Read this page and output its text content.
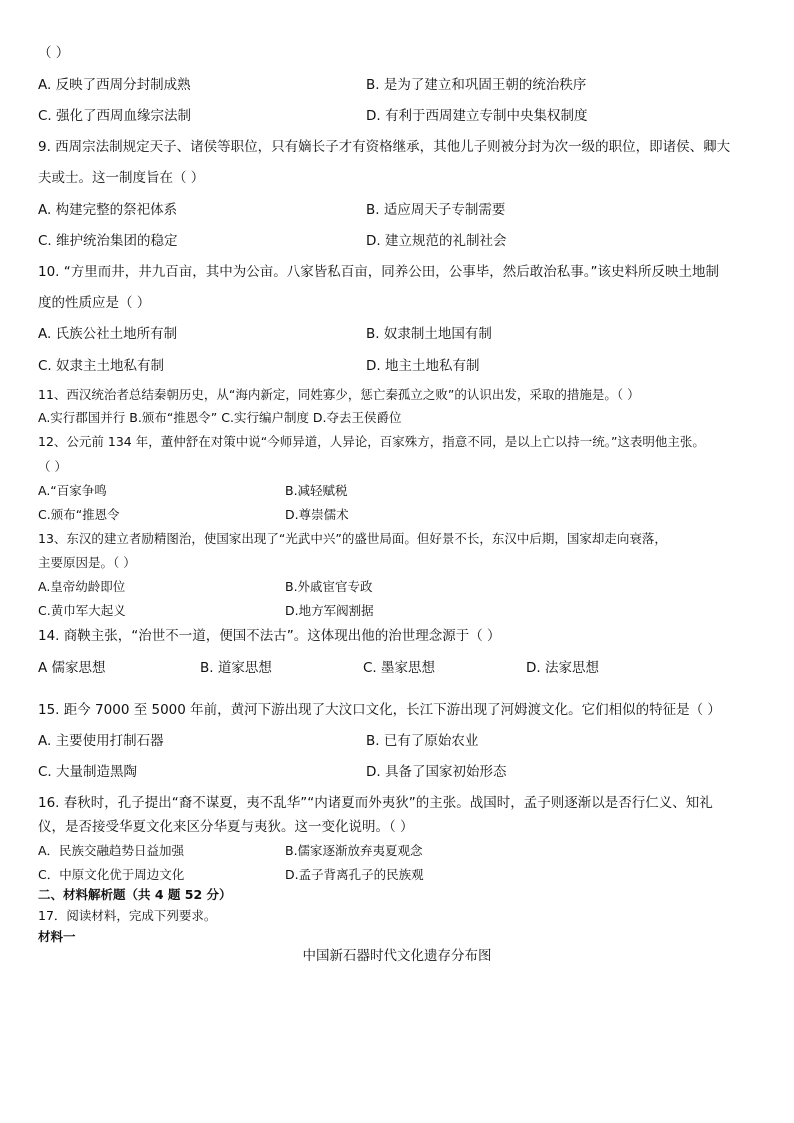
（ ）
A. 反映了西周分封制成熟	B. 是为了建立和巩固王朝的统治秩序
C. 强化了西周血缘宗法制	D. 有利于西周建立专制中央集权制度
9. 西周宗法制规定天子、诸侯等职位，只有嫡长子才有资格继承，其他儿子则被分封为次一级的职位，即诸侯、卿大
夫或士。这一制度旨在（ ）
A. 构建完整的祭祀体系	B. 适应周天子专制需要
C. 维护统治集团的稳定	D. 建立规范的礼制社会
10. “方里而井，井九百亩，其中为公亩。八家皆私百亩，同养公田，公事毕，然后敢治私事。”该史料所反映土地制
度的性质应是（ ）
A. 氏族公社土地所有制	B. 奴隶制土地国有制
C. 奴隶主土地私有制	D. 地主土地私有制
11、西汉统治者总结秦朝历史，从“海内新定，同姓寡少，惩亡秦孤立之败”的认识出发，采取的措施是。（ ）
A.实行郡国并行 B.颁布“推恩令” C.实行编户制度 D.夺去王侯爵位
12、公元前 134 年，董仲舒在对策中说“今师异道，人异论，百家殊方，指意不同，是以上亡以持一统。”这表明他主张。
（ ）
A.“百家争鸣	B.减轻赋税
C.颁布“推恩令	D.尊崇儒术
13、东汉的建立者励精图治，使国家出现了“光武中兴”的盛世局面。但好景不长，东汉中后期，国家却走向衰落，
主要原因是。（ ）
A.皇帝幼龄即位	B.外戚宦官专政
C.黄巾军大起义	D.地方军阀割据
14. 商鞅主张，“治世不一道，便国不法古”。这体现出他的治世理念源于（ ）
A 儒家思想	B. 道家思想	C. 墨家思想	D. 法家思想
15. 距今 7000 至 5000 年前，黄河下游出现了大汶口文化，长江下游出现了河姆渡文化。它们相似的特征是（ ）
A. 主要使用打制石器	B. 已有了原始农业
C. 大量制造黑陶	D. 具备了国家初始形态
16. 春秋时，孔子提出“裔不谋夏，夷不乱华”“内诸夏而外夷狄”的主张。战国时，孟子则逐渐以是否行仁义、知礼
仪，是否接受华夏文化来区分华夏与夷狄。这一变化说明。（ ）
A．民族交融趋势日益加强	B.儒家逐渐放弃夷夏观念
C．中原文化优于周边文化	D.孟子背离孔子的民族观
二、材料解析题（共 4 题 52 分）
17．阅读材料，完成下列要求。
材料一
中国新石器时代文化遗存分布图
